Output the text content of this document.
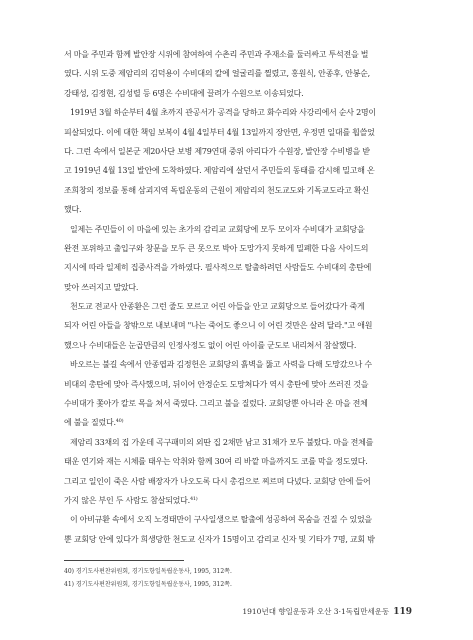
서 마을 주민과 함께 발안장 시위에 참여하여 수촌리 주민과 주재소를 둘러싸고 투석전을 벌
였다. 시위 도중 제암리의 김덕용이 수비대의 칼에 얼굴리를 찔렸고, 홍원식, 안종후, 안봉순,
강태성, 김정현, 김성렬 등 6명은 수비대에 끌려가 수원으로 이송되었다.
1919년 3월 하순부터 4월 초까지 관공서가 공격을 당하고 화수리와 사강리에서 순사 2명이
피살되었다. 이에 대한 책임 보복이 4월 4일부터 4월 13일까지 장안면, 우정면 일대를 휩쓸었
다. 그런 속에서 일본군 제20사단 보병 제79연대 중위 아리다가 수원장, 발안장 수비병을 받
고 1919년 4월 13일 발안에 도착하였다. 제암리에 살던서 주민들의 동태를 감시해 밀고해 온
조희창의 정보를 통해 삼괴지역 독립운동의 근원이 제암리의 천도교도와 기독교도라고 확신
했다.
일제는 주민들이 이 마을에 있는 초가의 감리교 교회당에 모두 모이자 수비대가 교회당을
완전 포위하고 출입구와 창문을 모두 큰 못으로 박아 도망가지 못하게 밀폐한 다음 사이드의
지시에 따라 일제히 집중사격을 가하였다. 필사적으로 탈출하려던 사람들도 수비대의 총탄에
맞아 쓰러지고 말았다.
천도교 전교사 안종환은 그런 줄도 모르고 어린 아들을 안고 교회당으로 들어갔다가 죽게
되자 어린 아들을 창밖으로 내보내며 "나는 죽어도 좋으니 이 어린 것만은 살려 달라."고 애원
했으나 수비대들은 눈곱만큼의 인정사정도 없이 어린 아이를 군도로 내리쳐서 참살했다.
바오르는 불길 속에서 안종엽과 김정헌은 교회당의 흙벽을 뚫고 사력을 다해 도망갔으나 수
비대의 총탄에 맞아 즉사했으며, 뒤이어 안경순도 도망쳐다가 역시 총탄에 맞아 쓰러진 것을
수비대가 쫓아가 칼로 목을 쳐서 죽였다. 그리고 불을 질렀다. 교회당뿐 아니라 온 마을 전체
에 불을 질렀다.$^{40)}$
제암리 33채의 집 가운데 곡구패미의 외딴 집 2채만 남고 31채가 모두 불탔다. 마을 전체를
태운 연기와 재는 시체를 태우는 악취와 함께 30여 리 바깥 마을까지도 코를 막을 정도였다.
그리고 일인이 죽은 사람 배장자가 나오도록 다시 총검으로 찌르며 다녔다. 교회당 안에 들어
가지 않은 부인 두 사람도 참살되었다.$^{41)}$
이 아비규환 속에서 오직 노경태만이 구사일생으로 탈출에 성공하여 목숨을 건질 수 있었을
뿐 교회당 안에 있다가 희생당한 천도교 신자가 15명이고 감리교 신자 및 기타가 7명, 교회 밖
40) 경기도사편찬위원회, 경기도항일독립운동사, 1995, 312쪽.
41) 경기도사편찬위원회, 경기도항일독립운동사, 1995, 312쪽.
1910년대 향일운동과 오산 3·1독립만세운동 119
